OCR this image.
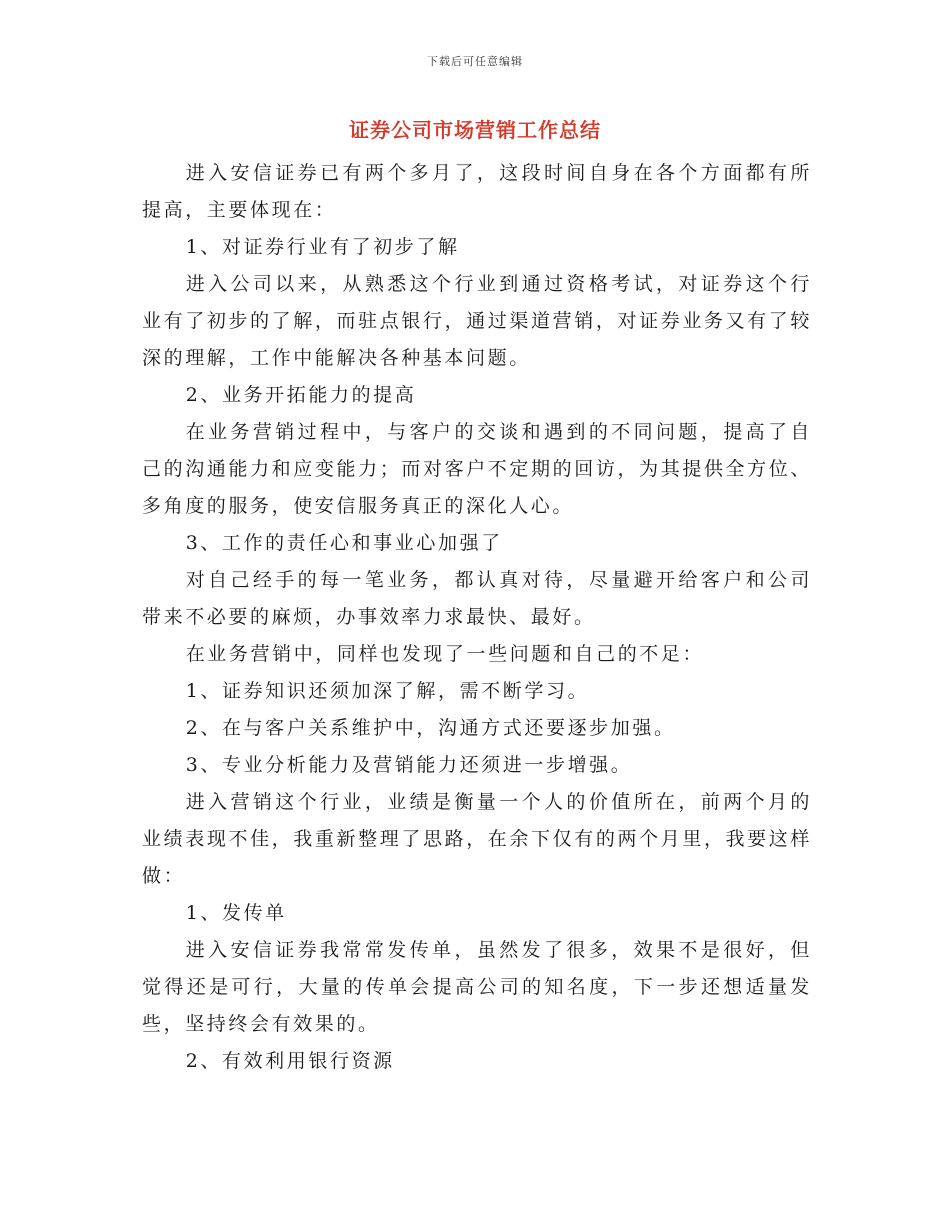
下载后可任意编辑
证券公司市场营销工作总结

进入安信证券已有两个多月了，这段时间自身在各个方面都有所提高，主要体现在：

1、对证券行业有了初步了解

进入公司以来，从熟悉这个行业到通过资格考试，对证券这个行业有了初步的了解，而驻点银行，通过渠道营销，对证券业务又有了较深的理解，工作中能解决各种基本问题。

2、业务开拓能力的提高

在业务营销过程中，与客户的交谈和遇到的不同问题，提高了自己的沟通能力和应变能力；而对客户不定期的回访，为其提供全方位、多角度的服务，使安信服务真正的深化人心。

3、工作的责任心和事业心加强了

对自己经手的每一笔业务，都认真对待，尽量避开给客户和公司带来不必要的麻烦，办事效率力求最快、最好。

在业务营销中，同样也发现了一些问题和自己的不足：

1、证券知识还须加深了解，需不断学习。

2、在与客户关系维护中，沟通方式还要逐步加强。

3、专业分析能力及营销能力还须进一步增强。

进入营销这个行业，业绩是衡量一个人的价值所在，前两个月的业绩表现不佳，我重新整理了思路，在余下仅有的两个月里，我要这样做：

1、发传单

进入安信证券我常常发传单，虽然发了很多，效果不是很好，但觉得还是可行，大量的传单会提高公司的知名度，下一步还想适量发些，坚持终会有效果的。

2、有效利用银行资源
